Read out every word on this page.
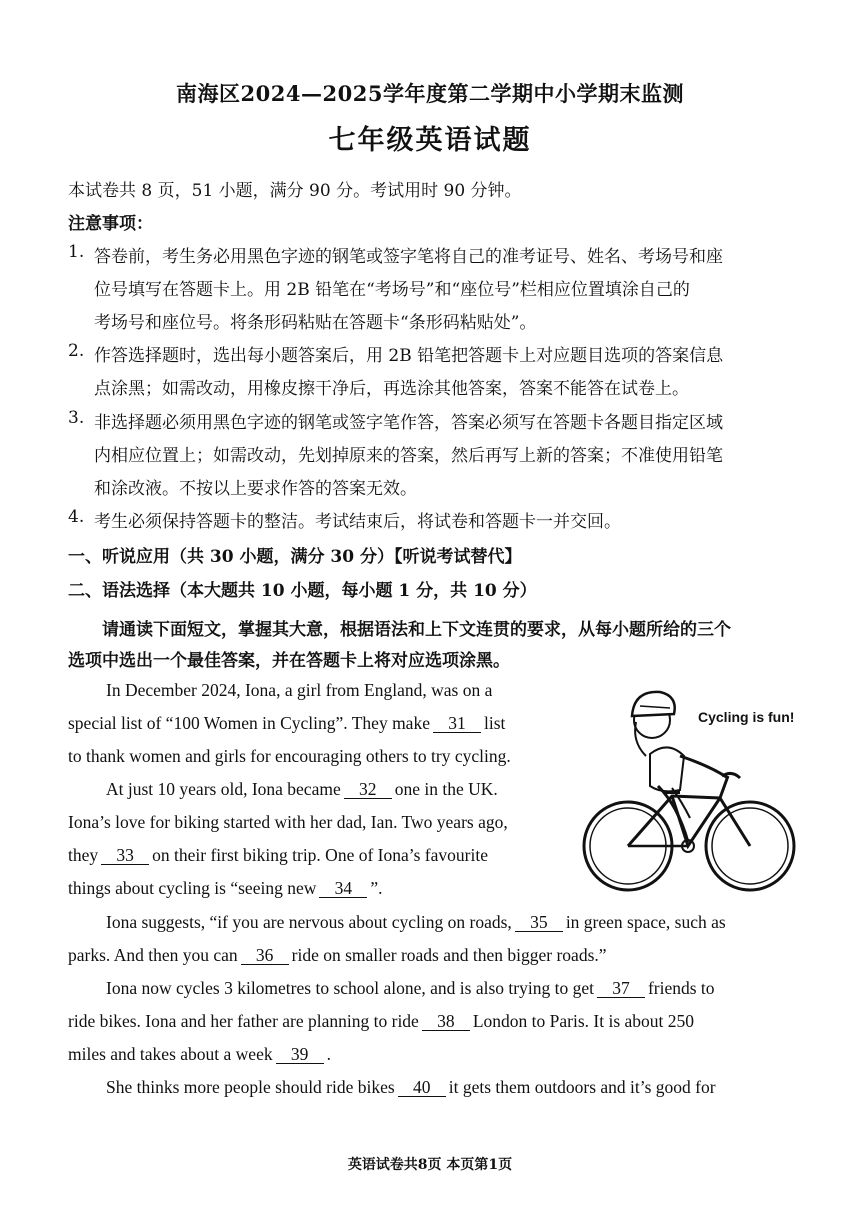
南海区2024—2025学年度第二学期中小学期末监测
七年级英语试题
本试卷共 8 页，51 小题，满分 90 分。考试用时 90 分钟。
注意事项：
1. 答卷前，考生务必用黑色字迹的钢笔或签字笔将自己的准考证号、姓名、考场号和座
位号填写在答题卡上。用 2B 铅笔在“考场号”和“座位号”栏相应位置填涂自己的
考场号和座位号。将条形码粘贴在答题卡“条形码粘贴处”。
2. 作答选择题时，选出每小题答案后，用 2B 铅笔把答题卡上对应题目选项的答案信息
点涂黑；如需改动，用橡皮擦干净后，再选涂其他答案，答案不能答在试卷上。
3. 非选择题必须用黑色字迹的钢笔或签字笔作答，答案必须写在答题卡各题目指定区域
内相应位置上；如需改动，先划掉原来的答案，然后再写上新的答案；不准使用铅笔
和涂改液。不按以上要求作答的答案无效。
4. 考生必须保持答题卡的整洁。考试结束后，将试卷和答题卡一并交回。
一、听说应用（共 30 小题，满分 30 分）【听说考试替代】
二、语法选择（本大题共 10 小题，每小题 1 分，共 10 分）
请通读下面短文，掌握其大意，根据语法和上下文连贯的要求，从每小题所给的三个
选项中选出一个最佳答案，并在答题卡上将对应选项涂黑。
In December 2024, Iona, a girl from England, was on a
special list of “100 Women in Cycling”. They make 31 list
to thank women and girls for encouraging others to try cycling.
At just 10 years old, Iona became 32 one in the UK.
Iona’s love for biking started with her dad, Ian. Two years ago,
they 33 on their first biking trip. One of Iona’s favourite
things about cycling is “seeing new 34 ”.
Iona suggests, “if you are nervous about cycling on roads, 35 in green space, such as
parks. And then you can 36 ride on smaller roads and then bigger roads.”
Iona now cycles 3 kilometres to school alone, and is also trying to get 37 friends to
ride bikes. Iona and her father are planning to ride 38 London to Paris. It is about 250
miles and takes about a week 39 .
She thinks more people should ride bikes 40 it gets them outdoors and it’s good for
Cycling is fun!
英语试卷共8页 本页第1页
